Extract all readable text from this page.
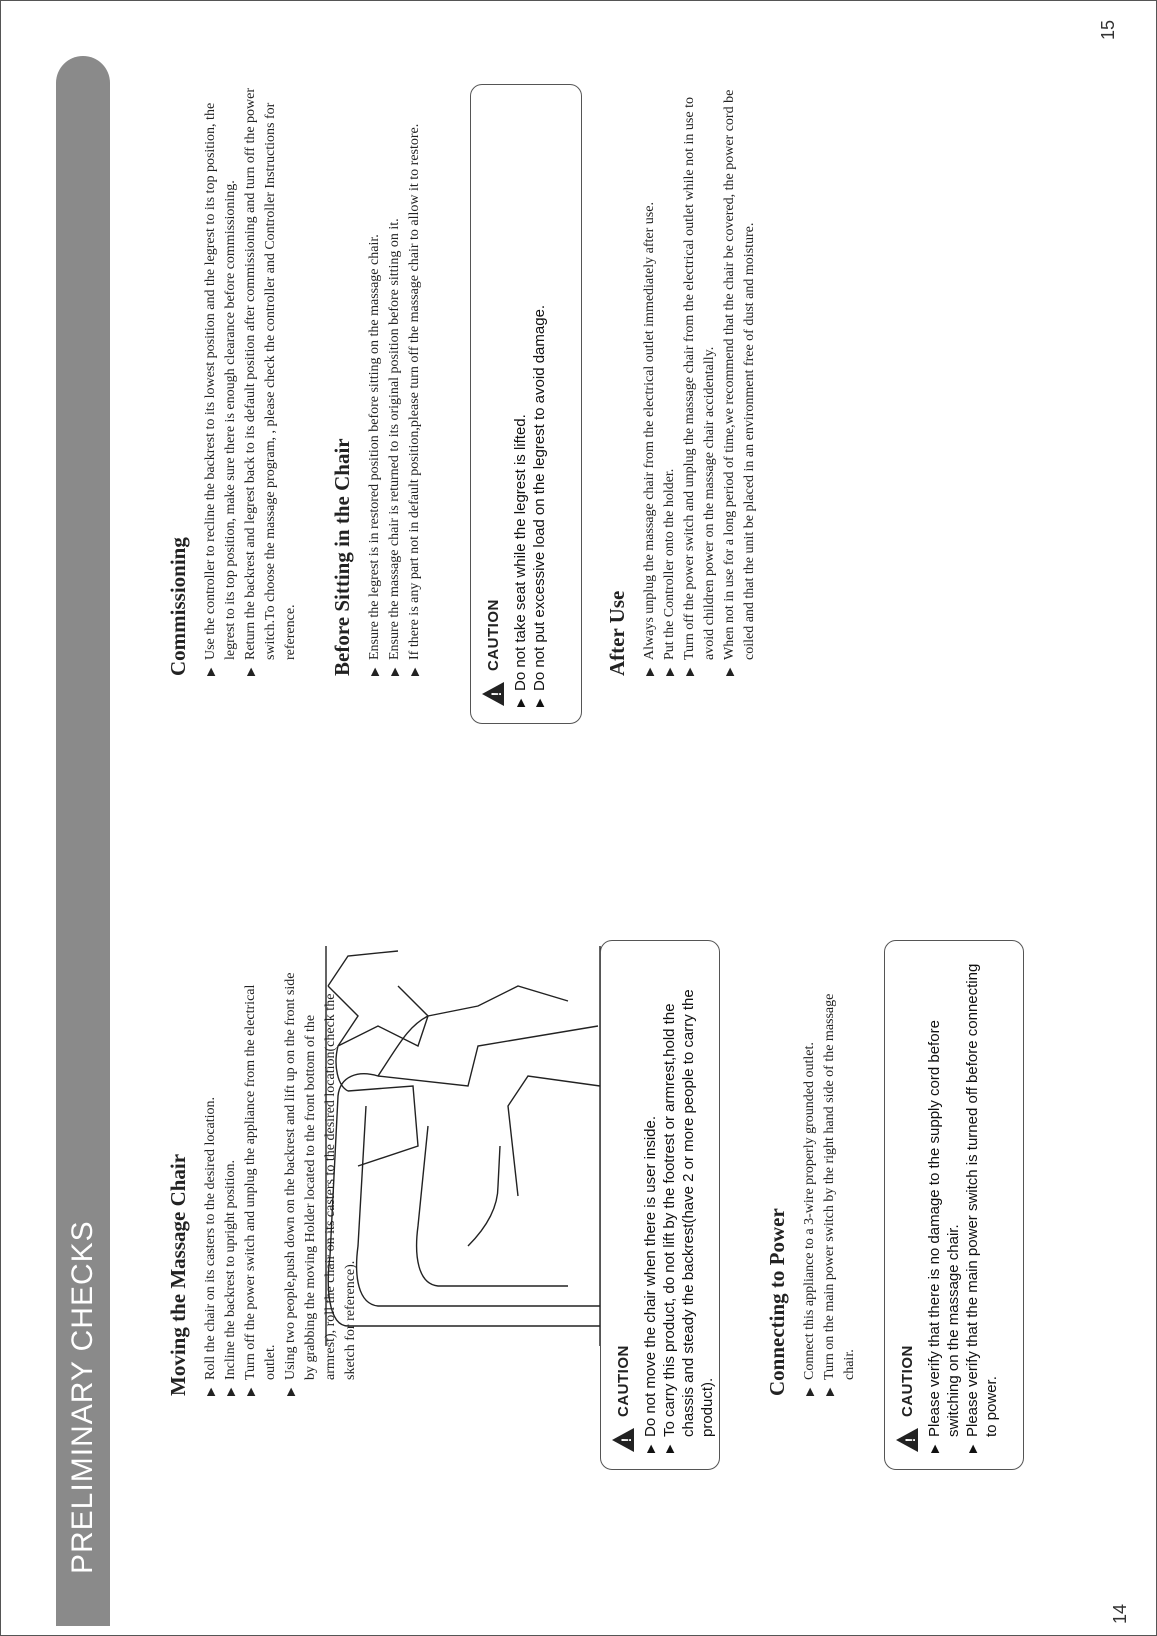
14
15
PRELIMINARY CHECKS	Moving the Massage Chair	▶
Roll the chair on its casters to the desired location.
▶
Incline the backrest to upright position.
▶
Turn off the power switch and unplug the appliance from the electrical outlet.
▶
Using two people,push down on the backrest and lift up on the front side by grabbing the moving Holder located to the front bottom of the armrest), roll the chair on its casters to the desired location(check the sketch for reference).
!
CAUTION
▶
Do not move the chair when there is user inside.
▶
To carry this product, do not lift by the footrest or armrest,hold the chassis and steady the backrest(have 2 or more people to carry the product).
Connecting to Power	▶
Connect this appliance to a 3-wire properly grounded outlet.
▶
Turn on the main power switch by the right hand side of the massage chair.
!
CAUTION
▶
Please verify that there is no damage to the supply cord before switching on the massage chair.
▶
Please verify that the main power switch is turned off before connecting to power.
Commissioning	▶
Use the controller to recline the backrest to its lowest position and the legrest to its top position, the legrest to its top position, make sure there is enough clearance before commissioning.
▶
Return the backrest and legrest back to its default position after commissioning and turn off the power switch.To choose the massage program, , please check the controller and Controller Instructions for reference. Before Sitting in the Chair	▶
Ensure the legrest is in restored position before sitting on the massage chair.
▶
Ensure the massage chair is returned to its original position before sitting on it.
▶
If there is any part not in default position,please turn off the massage chair to allow it to restore.
!
CAUTION
▶
Do not take seat while the legrest is lifted.
▶
Do not put excessive load on the legrest to avoid damage.	After Use	▶
Always unplug the massage chair from the electrical outlet immediately after use.
▶
Put the Controller onto the holder.
▶
Turn off the power switch and unplug the massage chair from the electrical outlet while not in use to avoid children power on the massage chair accidentally.
▶
When not in use for a long period of time,we recommend that the chair be covered, the power cord be coiled and that the unit be placed in an environment free of dust and moisture.
